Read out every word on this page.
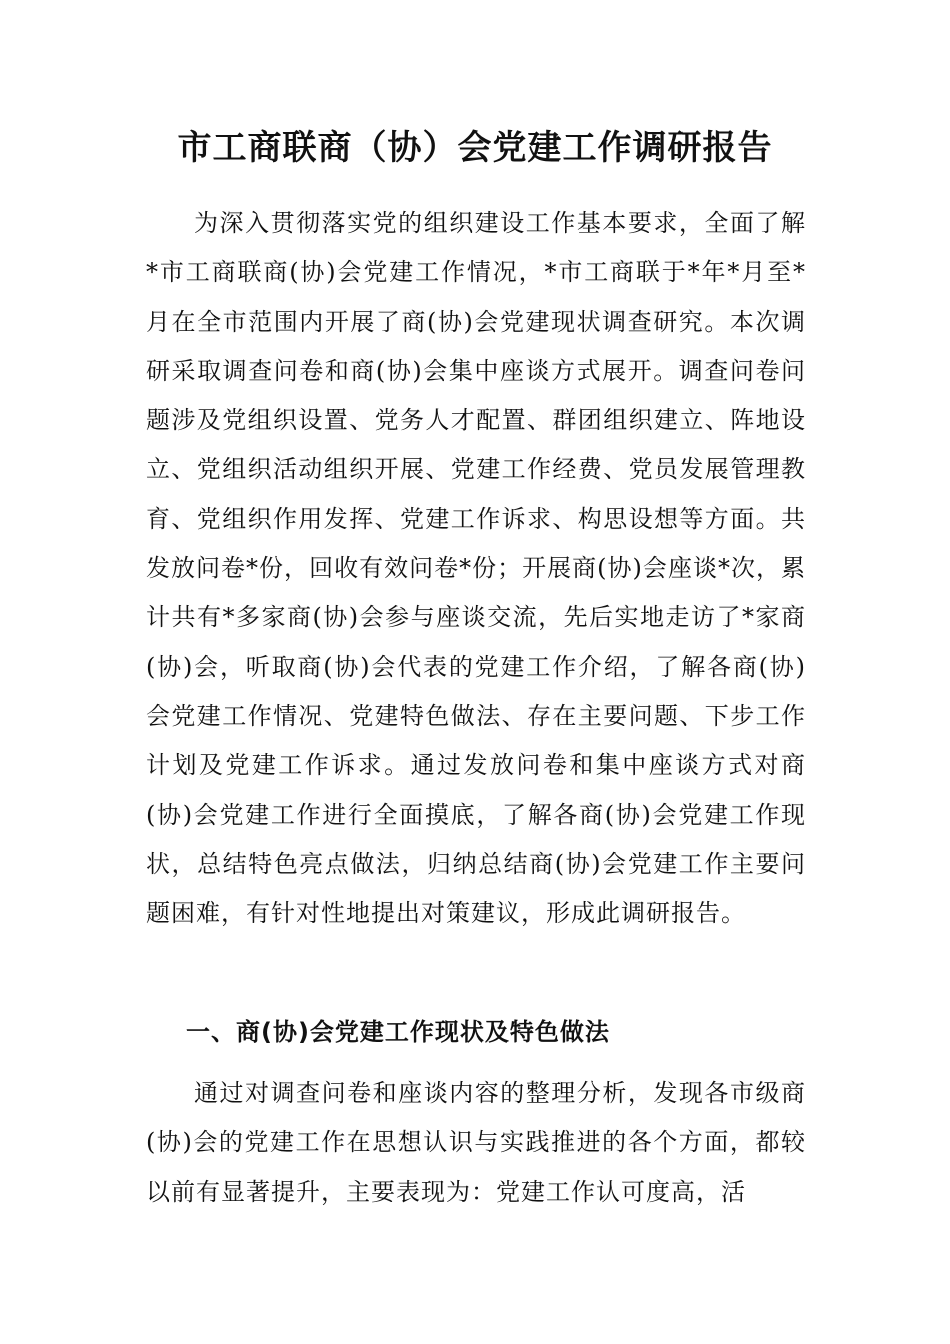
市工商联商（协）会党建工作调研报告

为深入贯彻落实党的组织建设工作基本要求，全面了解*市工商联商(协)会党建工作情况，*市工商联于*年*月至*月在全市范围内开展了商(协)会党建现状调查研究。本次调研采取调查问卷和商(协)会集中座谈方式展开。调查问卷问题涉及党组织设置、党务人才配置、群团组织建立、阵地设立、党组织活动组织开展、党建工作经费、党员发展管理教育、党组织作用发挥、党建工作诉求、构思设想等方面。共发放问卷*份，回收有效问卷*份；开展商(协)会座谈*次，累计共有*多家商(协)会参与座谈交流，先后实地走访了*家商(协)会，听取商(协)会代表的党建工作介绍，了解各商(协)会党建工作情况、党建特色做法、存在主要问题、下步工作计划及党建工作诉求。通过发放问卷和集中座谈方式对商(协)会党建工作进行全面摸底，了解各商(协)会党建工作现状，总结特色亮点做法，归纳总结商(协)会党建工作主要问题困难，有针对性地提出对策建议，形成此调研报告。

一、商(协)会党建工作现状及特色做法

通过对调查问卷和座谈内容的整理分析，发现各市级商(协)会的党建工作在思想认识与实践推进的各个方面，都较以前有显著提升，主要表现为：党建工作认可度高，活
